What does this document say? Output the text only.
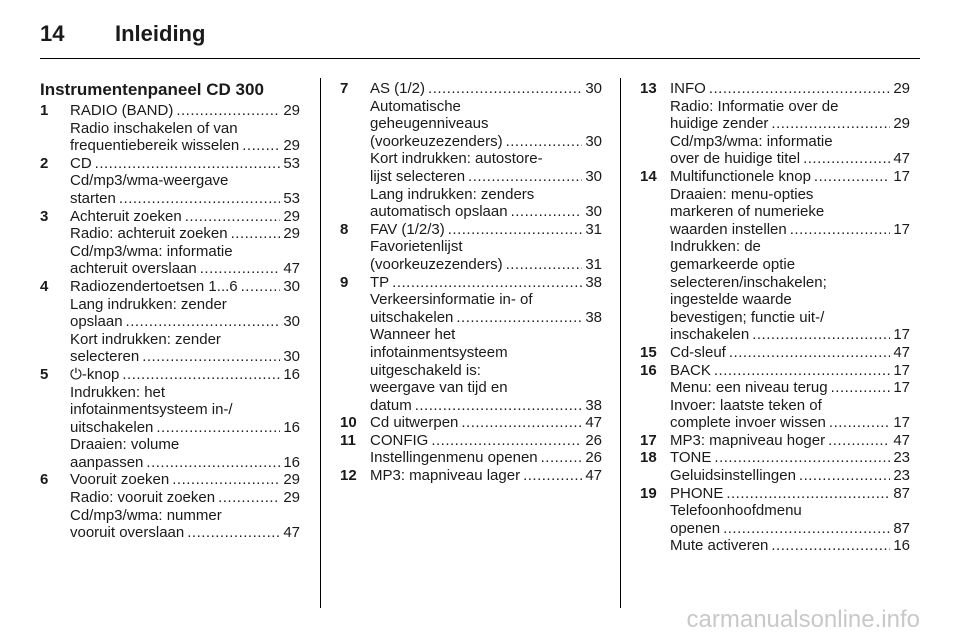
14	Inleiding
Instrumentenpaneel CD 300
1	RADIO (BAND) .....	29
Radio inschakelen of van
frequentiebereik wisselen .....	29
2	CD .....	53
Cd/mp3/wma-weergave
starten .....	53
3	Achteruit zoeken .....	29
Radio: achteruit zoeken .....	29
Cd/mp3/wma: informatie
achteruit overslaan .....	47
4	Radiozendertoetsen 1...6 .....	30
Lang indrukken: zender
opslaan .....	30
Kort indrukken: zender
selecteren .....	30
5	⏻-knop .....	16
Indrukken: het
infotainmentsysteem in-/
uitschakelen .....	16
Draaien: volume
aanpassen .....	16
6	Vooruit zoeken .....	29
Radio: vooruit zoeken .....	29
Cd/mp3/wma: nummer
vooruit overslaan .....	47
7	AS (1/2) .....	30
Automatische
geheugenniveaus
(voorkeuzezenders) .....	30
Kort indrukken: autostore-
lijst selecteren .....	30
Lang indrukken: zenders
automatisch opslaan .....	30
8	FAV (1/2/3) .....	31
Favorietenlijst
(voorkeuzezenders) .....	31
9	TP .....	38
Verkeersinformatie in- of
uitschakelen .....	38
Wanneer het
infotainmentsysteem
uitgeschakeld is:
weergave van tijd en
datum .....	38
10 Cd uitwerpen .....	47
11 CONFIG .....	26
Instellingenmenu openen .....	26
12 MP3: mapniveau lager .....	47
13 INFO .....	29
Radio: Informatie over de
huidige zender .....	29
Cd/mp3/wma: informatie
over de huidige titel .....	47
14 Multifunctionele knop .....	17
Draaien: menu-opties
markeren of numerieke
waarden instellen .....	17
Indrukken: de
gemarkeerde optie
selecteren/inschakelen;
ingestelde waarde
bevestigen; functie uit-/
inschakelen .....	17
15 Cd-sleuf .....	47
16 BACK .....	17
Menu: een niveau terug .....	17
Invoer: laatste teken of
complete invoer wissen .....	17
17 MP3: mapniveau hoger .....	47
18 TONE .....	23
Geluidsinstellingen .....	23
19 PHONE .....	87
Telefoonhoofdmenu
openen .....	87
Mute activeren .....	16
carmanualsonline.info
